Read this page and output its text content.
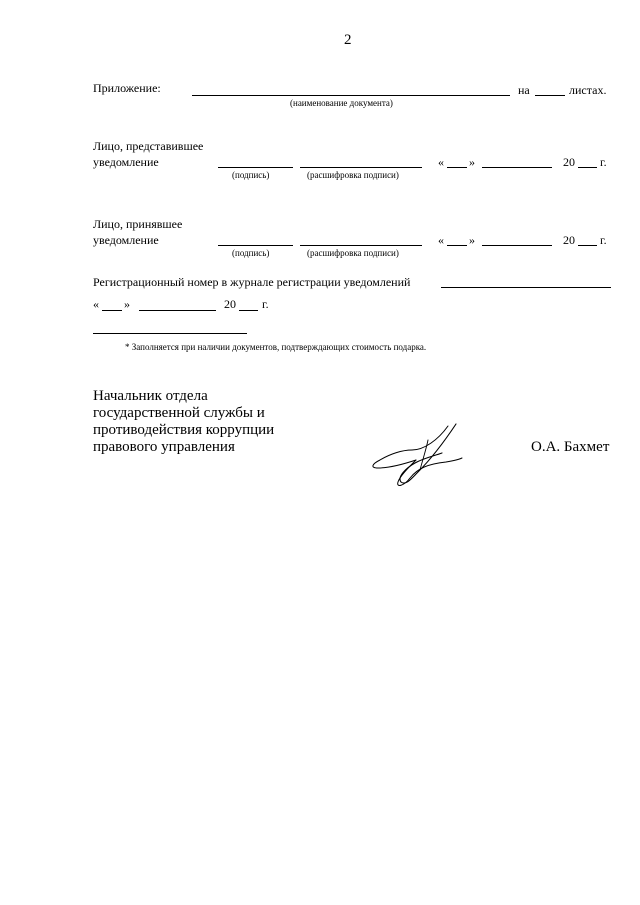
2
Приложение:
(наименование документа)
на	листах.
Лицо, представившее
уведомление
(подпись)	(расшифровка подписи)
« »	20 г.
Лицо, принявшее
уведомление
(подпись)	(расшифровка подписи)
« »	20 г.
Регистрационный номер в журнале регистрации уведомлений
« »	20 г.
* Заполняется при наличии документов, подтверждающих стоимость подарка.
Начальник отдела
государственной службы и
противодействия коррупции
правового управления	О.А. Бахмет
